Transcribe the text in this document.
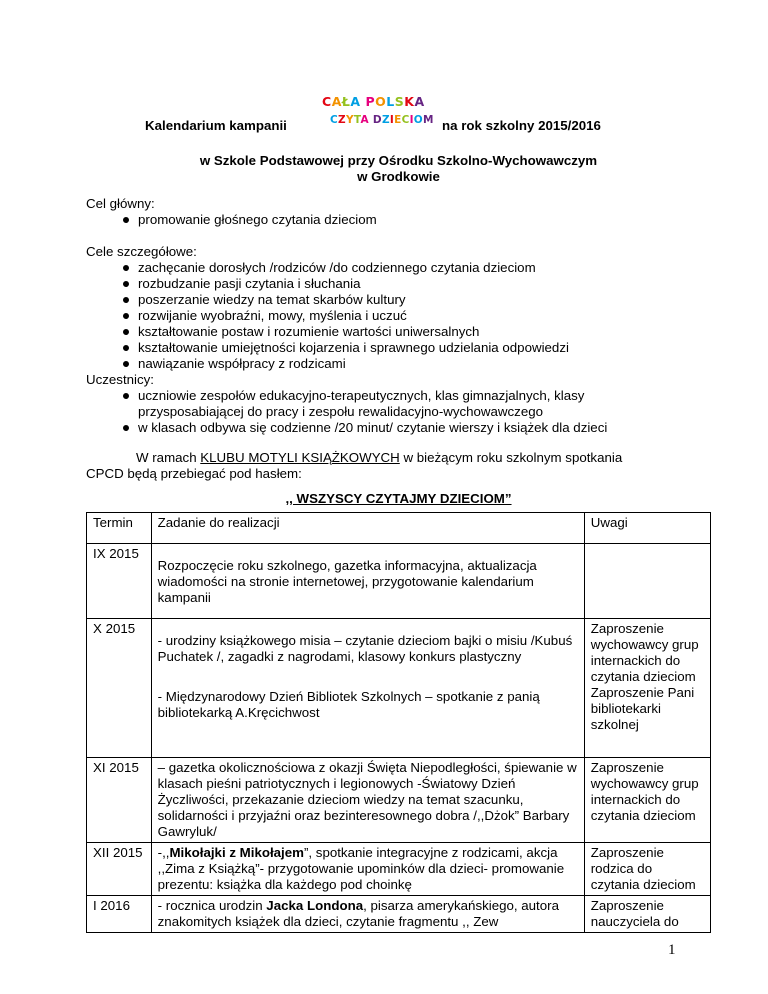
Kalendarium kampanii
CAŁA POLSKA
CZYTA DZIECIOM na rok szkolny 2015/2016
w Szkole Podstawowej przy Ośrodku Szkolno-Wychowawczym
w Grodkowie
Cel główny:
promowanie głośnego czytania dzieciom
Cele szczegółowe:
zachęcanie dorosłych /rodziców /do codziennego czytania dzieciom
rozbudzanie pasji czytania i słuchania
poszerzanie wiedzy na temat skarbów kultury
rozwijanie wyobraźni, mowy, myślenia i uczuć
kształtowanie postaw i rozumienie wartości uniwersalnych
kształtowanie umiejętności kojarzenia i sprawnego udzielania odpowiedzi
nawiązanie współpracy z rodzicami
Uczestnicy:
uczniowie zespołów edukacyjno-terapeutycznych, klas gimnazjalnych, klasy przysposabiającej do pracy i zespołu rewalidacyjno-wychowawczego
w klasach odbywa się codzienne /20 minut/ czytanie wierszy i książek dla dzieci
W ramach KLUBU MOTYLI KSIĄŻKOWYCH w bieżącym roku szkolnym spotkania
CPCD będą przebiegać pod hasłem:
,, WSZYSCY CZYTAJMY DZIECIOM”
Termin	Zadanie do realizacji	Uwagi
IX 2015	Rozpoczęcie roku szkolnego, gazetka informacyjna, aktualizacja wiadomości na stronie internetowej, przygotowanie kalendarium kampanii	

X 2015	- urodziny książkowego misia – czytanie dzieciom bajki o misiu /Kubuś Puchatek /, zagadki z nagrodami, klasowy konkurs plastyczny
- Międzynarodowy Dzień Bibliotek Szkolnych – spotkanie z panią bibliotekarką A.Kręcichwost	Zaproszenie wychowawcy grup internackich do czytania dzieciom Zaproszenie Pani bibliotekarki szkolnej
XI 2015	– gazetka okolicznościowa z okazji Święta Niepodległości, śpiewanie w klasach pieśni patriotycznych i legionowych -Światowy Dzień Życzliwości, przekazanie dzieciom wiedzy na temat szacunku, solidarności i przyjaźni oraz bezinteresownego dobra /,,Dżok” Barbary Gawryluk/	Zaproszenie wychowawcy grup internackich do czytania dzieciom
XII 2015	-,,Mikołajki z Mikołajem”, spotkanie integracyjne z rodzicami, akcja ,,Zima z Książką”- przygotowanie upominków dla dzieci- promowanie prezentu: książka dla każdego pod choinkę	Zaproszenie rodzica do czytania dzieciom
I 2016	- rocznica urodzin Jacka Londona, pisarza amerykańskiego, autora znakomitych książek dla dzieci, czytanie fragmentu ,, Zew	Zaproszenie nauczyciela do
1
